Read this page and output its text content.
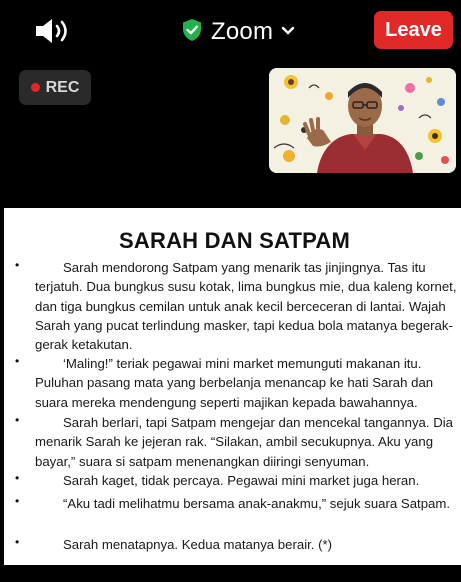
Zoom	Leave
REC
SARAH DAN SATPAM
•	Sarah mendorong Satpam yang menarik tas jinjingnya. Tas itu terjatuh. Dua bungkus susu kotak, lima bungkus mie, dua kaleng kornet, dan tiga bungkus cemilan untuk anak kecil berceceran di lantai. Wajah Sarah yang pucat terlindung masker, tapi kedua bola matanya begerak-gerak ketakutan.
•	‘Maling!” teriak pegawai mini market memunguti makanan itu. Puluhan pasang mata yang berbelanja menancap ke hati Sarah dan suara mereka mendengung seperti majikan kepada bawahannya.
•	Sarah berlari, tapi Satpam mengejar dan mencekal tangannya. Dia menarik Sarah ke jejeran rak. “Silakan, ambil secukupnya. Aku yang bayar,” suara si satpam menenangkan diiringi senyuman.
•	Sarah kaget, tidak percaya. Pegawai mini market juga heran.
•	“Aku tadi melihatmu bersama anak-anakmu,” sejuk suara Satpam.
•	Sarah menatapnya. Kedua matanya berair. (*)
